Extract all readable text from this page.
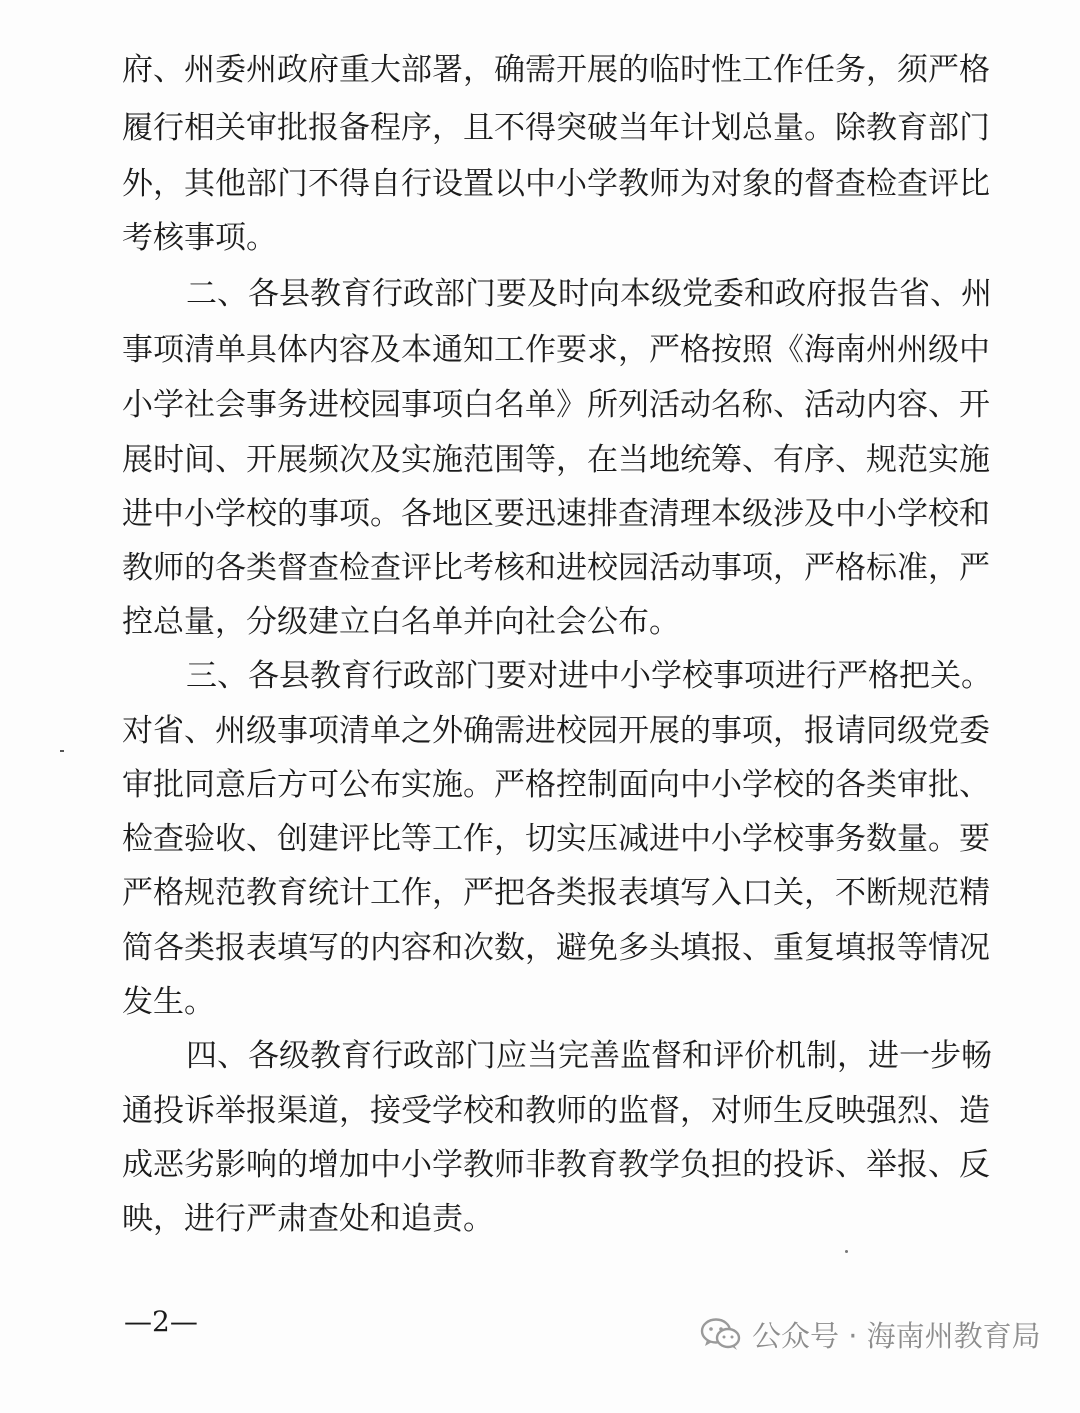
府、州委州政府重大部署，确需开展的临时性工作任务，须严格
履行相关审批报备程序，且不得突破当年计划总量。除教育部门
外，其他部门不得自行设置以中小学教师为对象的督查检查评比
考核事项。
二、各县教育行政部门要及时向本级党委和政府报告省、州
事项清单具体内容及本通知工作要求，严格按照《海南州州级中
小学社会事务进校园事项白名单》所列活动名称、活动内容、开
展时间、开展频次及实施范围等，在当地统筹、有序、规范实施
进中小学校的事项。各地区要迅速排查清理本级涉及中小学校和
教师的各类督查检查评比考核和进校园活动事项，严格标准，严
控总量，分级建立白名单并向社会公布。
三、各县教育行政部门要对进中小学校事项进行严格把关。
对省、州级事项清单之外确需进校园开展的事项，报请同级党委
审批同意后方可公布实施。严格控制面向中小学校的各类审批、
检查验收、创建评比等工作，切实压减进中小学校事务数量。要
严格规范教育统计工作，严把各类报表填写入口关，不断规范精
简各类报表填写的内容和次数，避免多头填报、重复填报等情况
发生。
四、各级教育行政部门应当完善监督和评价机制，进一步畅
通投诉举报渠道，接受学校和教师的监督，对师生反映强烈、造
成恶劣影响的增加中小学教师非教育教学负担的投诉、举报、反
映，进行严肃查处和追责。
—2—	公众号 · 海南州教育局
